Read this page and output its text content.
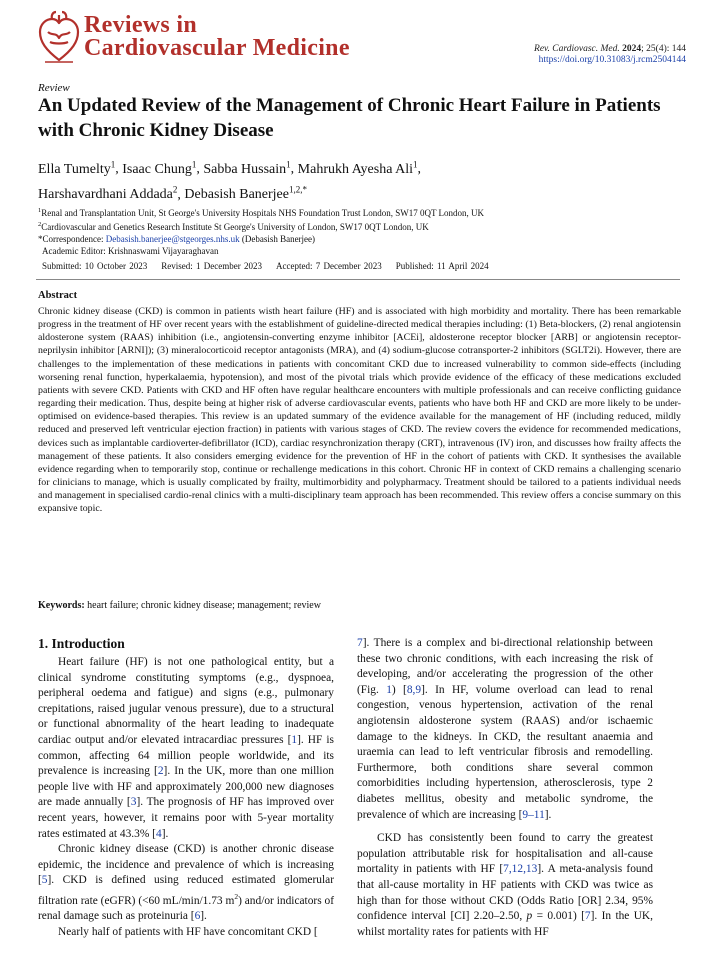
Reviews in
Cardiovascular Medicine	Rev. Cardiovasc. Med. 2024; 25(4): 144
https://doi.org/10.31083/j.rcm2504144
Review
An Updated Review of the Management of Chronic Heart Failure in Patients with Chronic Kidney Disease
Ella Tumelty$^1$, Isaac Chung$^1$, Sabba Hussain$^1$, Mahrukh Ayesha Ali$^1$,
Harshavardhani Addada$^2$, Debasish Banerjee$^{1,2,*}$
$^1$Renal and Transplantation Unit, St George's University Hospitals NHS Foundation Trust London, SW17 0QT London, UK
$^2$Cardiovascular and Genetics Research Institute St George's University of London, SW17 0QT London, UK
*Correspondence: Debasish.banerjee@stgeorges.nhs.uk (Debasish Banerjee)
Academic Editor: Krishnaswami Vijayaraghavan
Submitted: 10 October 2023 Revised: 1 December 2023 Accepted: 7 December 2023 Published: 11 April 2024
Abstract
Chronic kidney disease (CKD) is common in patients wisth heart failure (HF) and is associated with high morbidity and mortality. There has been remarkable progress in the treatment of HF over recent years with the establishment of guideline-directed medical therapies including: (1) Beta-blockers, (2) renal angiotensin aldosterone system (RAAS) inhibition (i.e., angiotensin-converting enzyme inhibitor [ACEi], aldosterone receptor blocker [ARB] or angiotensin receptor-neprilysin inhibitor [ARNI]); (3) mineralocorticoid receptor antagonists (MRA), and (4) sodium-glucose cotransporter-2 inhibitors (SGLT2i). However, there are challenges to the implementation of these medications in patients with concomitant CKD due to increased vulnerability to common side-effects (including worsening renal function, hyperkalaemia, hypotension), and most of the pivotal trials which provide evidence of the efficacy of these medications excluded patients with severe CKD. Patients with CKD and HF often have regular healthcare encounters with multiple professionals and can receive conflicting guidance regarding their medication. Thus, despite being at higher risk of adverse cardiovascular events, patients who have both HF and CKD are more likely to be under-optimised on evidence-based therapies. This review is an updated summary of the evidence available for the management of HF (including reduced, mildly reduced and preserved left ventricular ejection fraction) in patients with various stages of CKD. The review covers the evidence for recommended medications, devices such as implantable cardioverter-defibrillator (ICD), cardiac resynchronization therapy (CRT), intravenous (IV) iron, and discusses how frailty affects the management of these patients. It also considers emerging evidence for the prevention of HF in the cohort of patients with CKD. It synthesises the available evidence regarding when to temporarily stop, continue or rechallenge medications in this cohort. Chronic HF in context of CKD remains a challenging scenario for clinicians to manage, which is usually complicated by frailty, multimorbidity and polypharmacy. Treatment should be tailored to a patients individual needs and management in specialised cardio-renal clinics with a multi-disciplinary team approach has been recommended. This review offers a concise summary on this expansive topic.
Keywords: heart failure; chronic kidney disease; management; review
1. Introduction

Heart failure (HF) is not one pathological entity, but a clinical syndrome constituting symptoms (e.g., dyspnoea, peripheral oedema and fatigue) and signs (e.g., pulmonary crepitations, raised jugular venous pressure), due to a structural or functional abnormality of the heart leading to inadequate cardiac output and/or elevated intracardiac pressures [1]. HF is common, affecting 64 million people worldwide, and its prevalence is increasing [2]. In the UK, more than one million people live with HF and approximately 200,000 new diagnoses are made annually [3]. The prognosis of HF has improved over recent years, however, it remains poor with 5-year mortality rates estimated at 43.3% [4].

Chronic kidney disease (CKD) is another chronic disease epidemic, the incidence and prevalence of which is increasing [5]. CKD is defined using reduced estimated glomerular filtration rate (eGFR) (<60 mL/min/1.73 $m^2$) and/or indicators of renal damage such as proteinuria [6].

Nearly half of patients with HF have concomitant CKD [

7]. There is a complex and bi-directional relationship between these two chronic conditions, with each increasing the risk of developing, and/or accelerating the progression of the other (Fig. 1) [8,9]. In HF, volume overload can lead to renal congestion, venous hypertension, activation of the renal angiotensin aldosterone system (RAAS) and/or ischaemic damage to the kidneys. In CKD, the resultant anaemia and uraemia can lead to left ventricular fibrosis and remodelling. Furthermore, both conditions share several common comorbidities including hypertension, atherosclerosis, type 2 diabetes mellitus, obesity and metabolic syndrome, the prevalence of which are increasing [9–11].

CKD has consistently been found to carry the greatest population attributable risk for hospitalisation and all-cause mortality in patients with HF [7,12,13]. A meta-analysis found that all-cause mortality in HF patients with CKD was twice as high than for those without CKD (Odds Ratio [OR] 2.34, 95% confidence interval [CI] 2.20–2.50, p = 0.001) [7]. In the UK, whilst mortality rates for patients with HF
